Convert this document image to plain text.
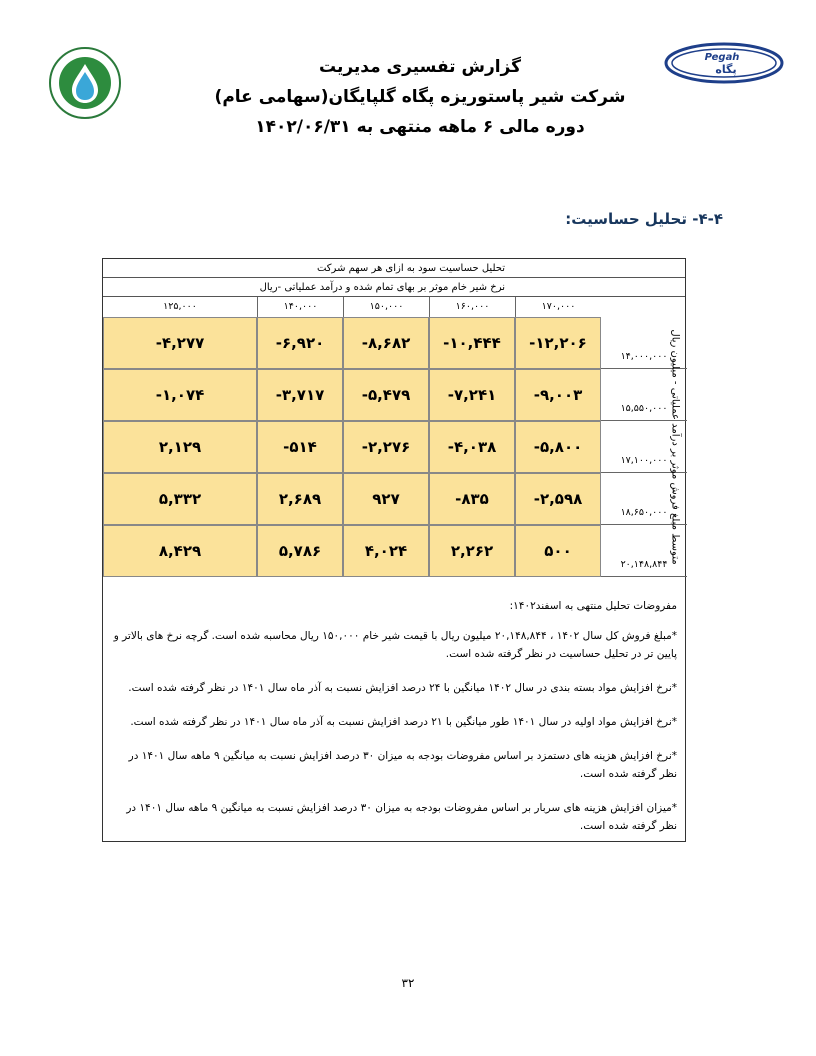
Pegah
پگاه
گزارش تفسیری مدیریت
شرکت شیر پاستوریزه پگاه گلپایگان(سهامی عام)
دوره مالی ۶ ماهه منتهی به ۱۴۰۲/۰۶/۳۱
۴-۴- تحلیل حساسیت:
تحلیل حساسیت سود به ازای هر سهم شرکت
نرخ شیر خام موثر بر بهای تمام شده و درآمد عملیاتی -ریال
۱۷۰,۰۰۰
۱۶۰,۰۰۰
۱۵۰,۰۰۰
۱۴۰,۰۰۰
۱۲۵,۰۰۰
-۱۲,۲۰۶
-۱۰,۴۴۴
-۸,۶۸۲
-۶,۹۲۰
-۴,۲۷۷
-۹,۰۰۳
-۷,۲۴۱
-۵,۴۷۹
-۳,۷۱۷
-۱,۰۷۴
-۵,۸۰۰
-۴,۰۳۸
-۲,۲۷۶
-۵۱۴
۲,۱۲۹
-۲,۵۹۸
-۸۳۵
۹۲۷
۲,۶۸۹
۵,۳۳۲
۵۰۰
۲,۲۶۲
۴,۰۲۴
۵,۷۸۶
۸,۴۲۹
۱۴,۰۰۰,۰۰۰
۱۵,۵۵۰,۰۰۰
۱۷,۱۰۰,۰۰۰
۱۸,۶۵۰,۰۰۰
۲۰,۱۴۸,۸۴۴ متوسط مبلغ فروش موثر بر درآمد عملیاتی - میلیون ریال

مفروضات تحلیل منتهی به اسفند۱۴۰۲:

*مبلغ فروش کل سال ۱۴۰۲ ، ۲۰,۱۴۸,۸۴۴ میلیون ریال با قیمت شیر خام ۱۵۰,۰۰۰ ریال محاسبه شده است. گرچه نرخ های بالاتر و پایین تر در تحلیل حساسیت در نظر گرفته شده است.

*نرخ افزایش مواد بسته بندی در سال ۱۴۰۲ میانگین با ۲۴ درصد افزایش نسبت به آذر ماه سال ۱۴۰۱ در نظر گرفته شده است.

*نرخ افزایش مواد اولیه در سال ۱۴۰۱ طور میانگین با ۲۱ درصد افزایش نسبت به آذر ماه سال ۱۴۰۱ در نظر گرفته شده است.

*نرخ افزایش هزینه های دستمزد بر اساس مفروضات بودجه به میزان ۳۰ درصد افزایش نسبت به میانگین ۹ ماهه سال ۱۴۰۱ در نظر گرفته شده است.

*میزان افزایش هزینه های سربار بر اساس مفروضات بودجه به میزان ۳۰ درصد افزایش نسبت به میانگین ۹ ماهه سال ۱۴۰۱ در نظر گرفته شده است.

۳۲
